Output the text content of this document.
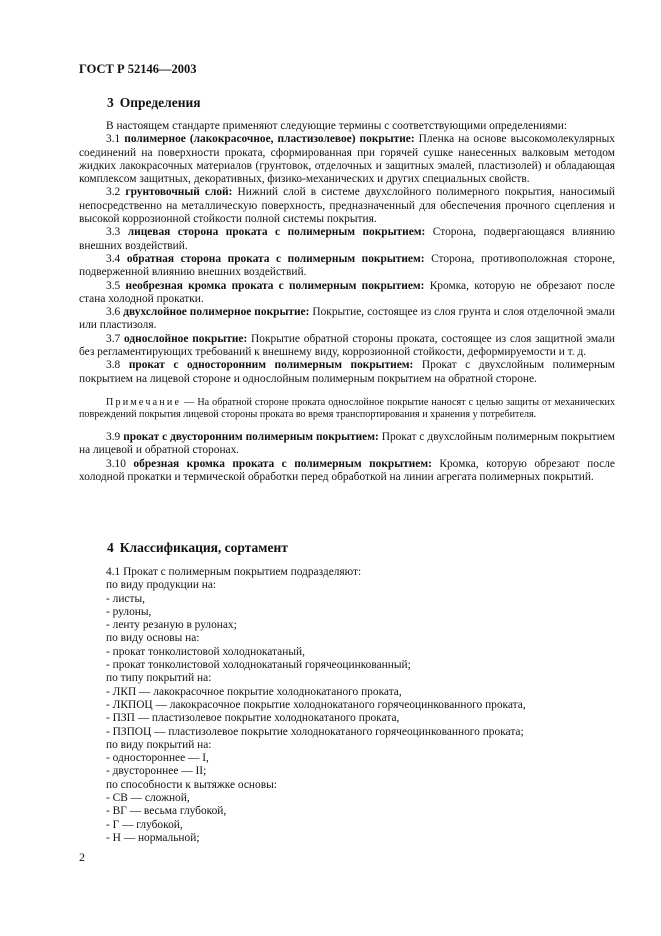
ГОСТ Р 52146—2003
3 Определения

В настоящем стандарте применяют следующие термины с соответствующими определениями:

3.1 полимерное (лакокрасочное, пластизолевое) покрытие: Пленка на основе высокомолекулярных соединений на поверхности проката, сформированная при горячей сушке нанесенных валковым методом жидких лакокрасочных материалов (грунтовок, отделочных и защитных эмалей, пластизолей) и обладающая комплексом защитных, декоративных, физико-механических и других специальных свойств.

3.2 грунтовочный слой: Нижний слой в системе двухслойного полимерного покрытия, наносимый непосредственно на металлическую поверхность, предназначенный для обеспечения прочного сцепления и высокой коррозионной стойкости полной системы покрытия.

3.3 лицевая сторона проката с полимерным покрытием: Сторона, подвергающаяся влиянию внешних воздействий.

3.4 обратная сторона проката с полимерным покрытием: Сторона, противоположная стороне, подверженной влиянию внешних воздействий.

3.5 необрезная кромка проката с полимерным покрытием: Кромка, которую не обрезают после стана холодной прокатки.

3.6 двухслойное полимерное покрытие: Покрытие, состоящее из слоя грунта и слоя отделочной эмали или пластизоля.

3.7 однослойное покрытие: Покрытие обратной стороны проката, состоящее из слоя защитной эмали без регламентирующих требований к внешнему виду, коррозионной стойкости, деформируемости и т. д.

3.8 прокат с односторонним полимерным покрытием: Прокат с двухслойным полимерным покрытием на лицевой стороне и однослойным полимерным покрытием на обратной стороне.

Примечание — На обратной стороне проката однослойное покрытие наносят с целью защиты от механических повреждений покрытия лицевой стороны проката во время транспортирования и хранения у потребителя.

3.9 прокат с двусторонним полимерным покрытием: Прокат с двухслойным полимерным покрытием на лицевой и обратной сторонах.

3.10 обрезная кромка проката с полимерным покрытием: Кромка, которую обрезают после холодной прокатки и термической обработки перед обработкой на линии агрегата полимерных покрытий.

4 Классификация, сортамент

4.1 Прокат с полимерным покрытием подразделяют:

по виду продукции на:

- листы,

- рулоны,

- ленту резаную в рулонах;

по виду основы на:

- прокат тонколистовой холоднокатаный,

- прокат тонколистовой холоднокатаный горячеоцинкованный;

по типу покрытий на:

- ЛКП — лакокрасочное покрытие холоднокатаного проката,

- ЛКПОЦ — лакокрасочное покрытие холоднокатаного горячеоцинкованного проката,

- ПЗП — пластизолевое покрытие холоднокатаного проката,

- ПЗПОЦ — пластизолевое покрытие холоднокатаного горячеоцинкованного проката;

по виду покрытий на:

- одностороннее — I,

- двустороннее — II;

по способности к вытяжке основы:

- СВ — сложной,

- ВГ — весьма глубокой,

- Г — глубокой,

- Н — нормальной;

2
